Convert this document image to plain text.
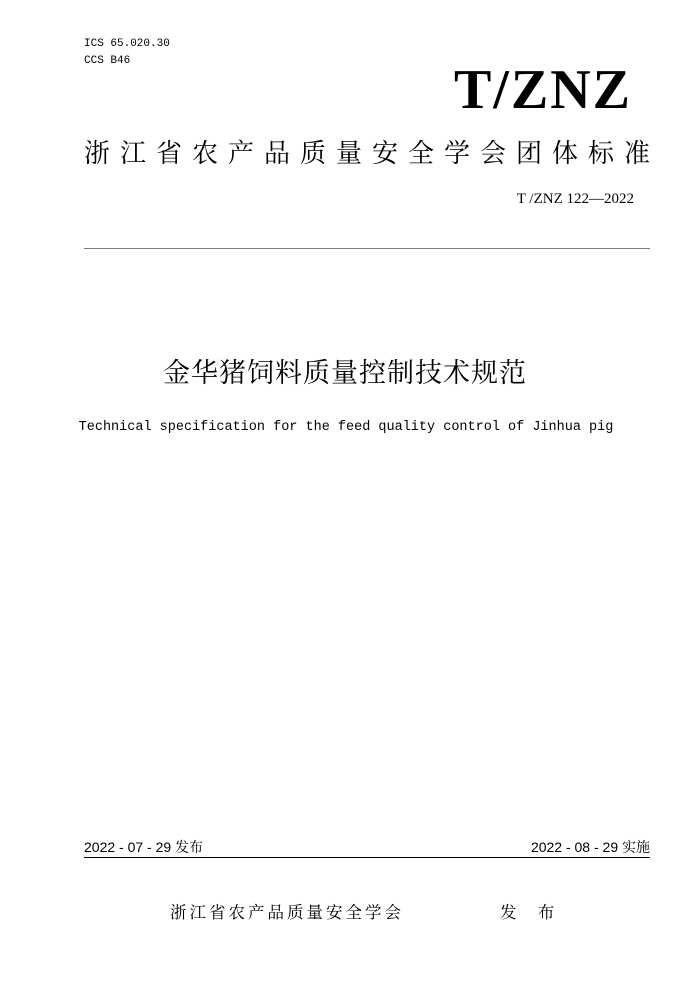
ICS 65.020.30
CCS B46	T/ZNZ
浙江省农产品质量安全学会团体标准
T /ZNZ 122—2022
金华猪饲料质量控制技术规范
Technical specification for the feed quality control of Jinhua pig
2022 - 07 - 29 发布	2022 - 08 - 29 实施
浙江省农产品质量安全学会	发 布
